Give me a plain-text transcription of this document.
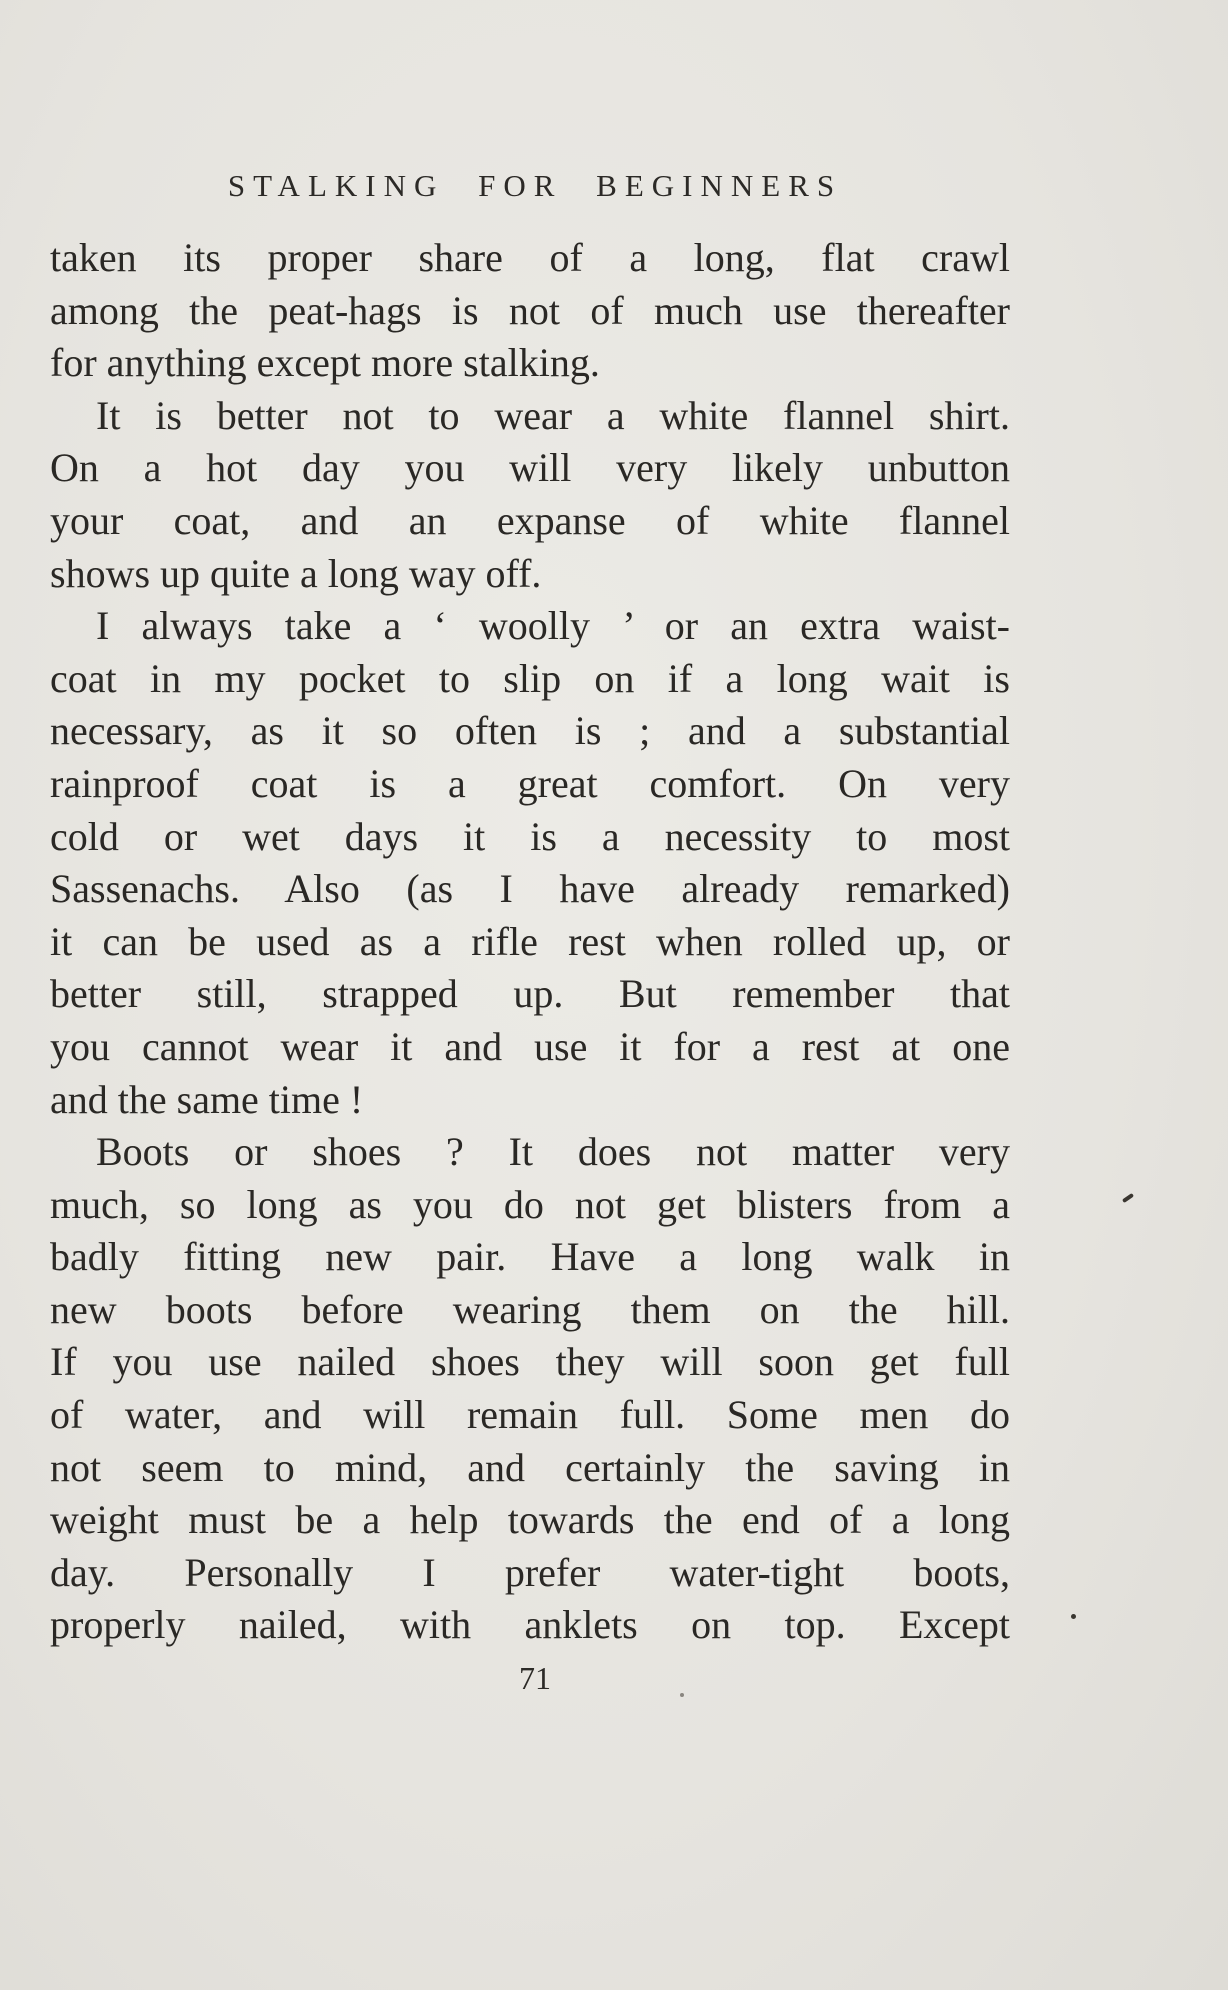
STALKING FOR BEGINNERS
taken its proper share of a long, flat crawl
among the peat-hags is not of much use thereafter
for anything except more stalking.
It is better not to wear a white flannel shirt.
On a hot day you will very likely unbutton
your coat, and an expanse of white flannel
shows up quite a long way off.
I always take a ‘ woolly ’ or an extra waist-
coat in my pocket to slip on if a long wait is
necessary, as it so often is ; and a substantial
rainproof coat is a great comfort. On very
cold or wet days it is a necessity to most
Sassenachs. Also (as I have already remarked)
it can be used as a rifle rest when rolled up, or
better still, strapped up. But remember that
you cannot wear it and use it for a rest at one
and the same time !
Boots or shoes ? It does not matter very
much, so long as you do not get blisters from a
badly fitting new pair. Have a long walk in
new boots before wearing them on the hill.
If you use nailed shoes they will soon get full
of water, and will remain full. Some men do
not seem to mind, and certainly the saving in
weight must be a help towards the end of a long
day. Personally I prefer water-tight boots,
properly nailed, with anklets on top. Except
71
